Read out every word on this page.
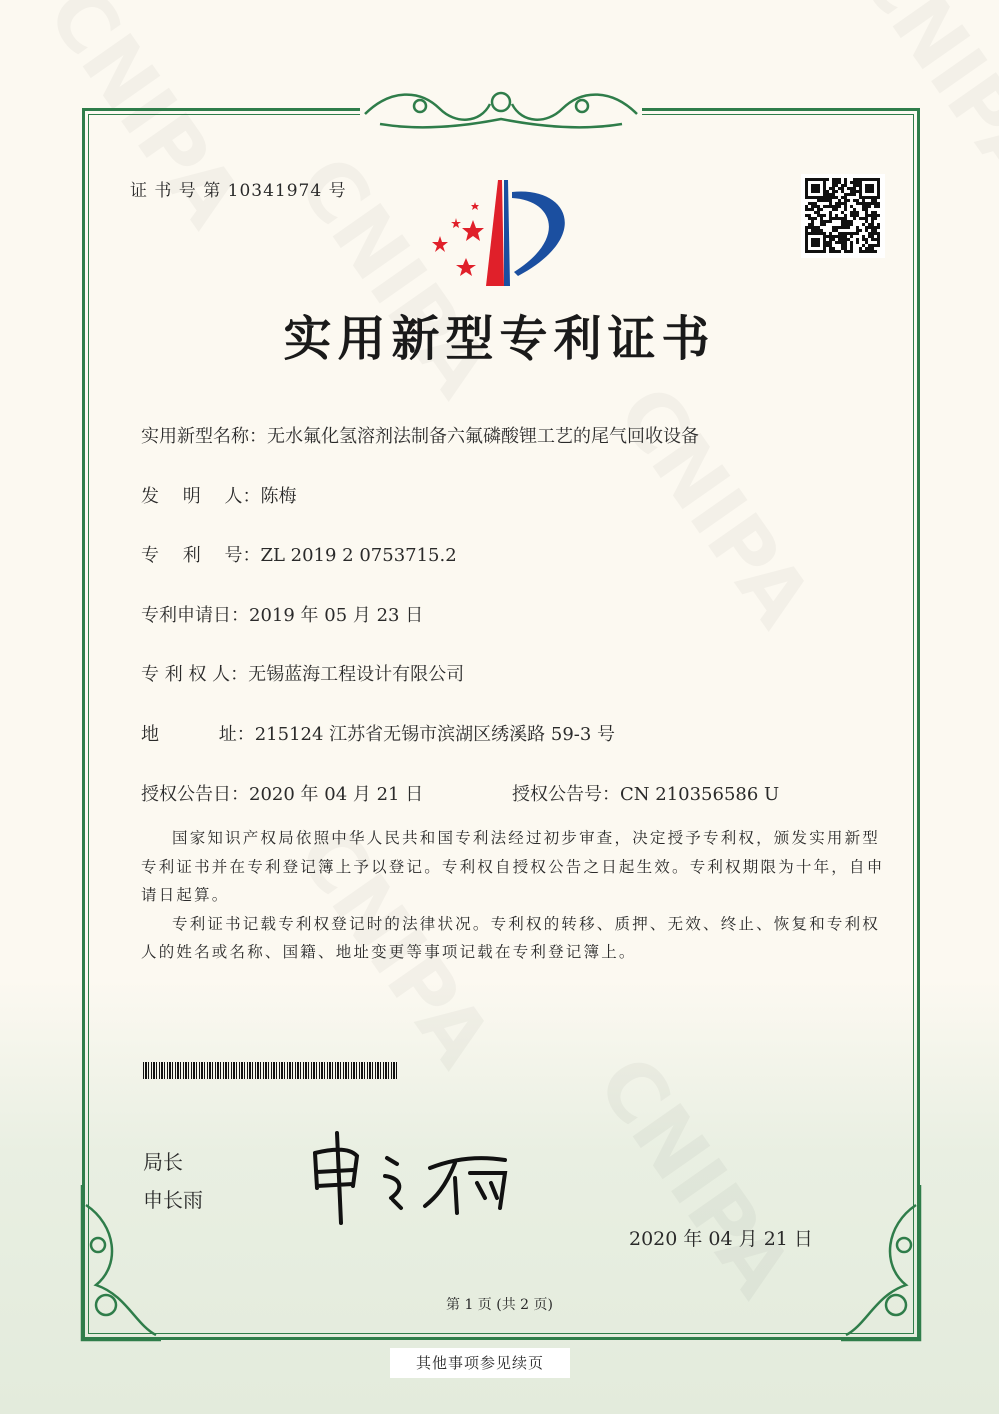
证 书 号 第 10341974 号
实用新型专利证书
实用新型名称：无水氟化氢溶剂法制备六氟磷酸锂工艺的尾气回收设备
发　 明　 人：陈梅
专　 利　 号：ZL 2019 2 0753715.2
专利申请日：2019 年 05 月 23 日
专 利 权 人：无锡蓝海工程设计有限公司
地　　　 址：215124 江苏省无锡市滨湖区绣溪路 59-3 号
授权公告日：2020 年 04 月 21 日	授权公告号：CN 210356586 U

国家知识产权局依照中华人民共和国专利法经过初步审查，决定授予专利权，颁发实用新型专利证书并在专利登记簿上予以登记。专利权自授权公告之日起生效。专利权期限为十年，自申请日起算。

专利证书记载专利权登记时的法律状况。专利权的转移、质押、无效、终止、恢复和专利权人的姓名或名称、国籍、地址变更等事项记载在专利登记簿上。

局长
申长雨
2020 年 04 月 21 日
第 1 页 (共 2 页)
其他事项参见续页
